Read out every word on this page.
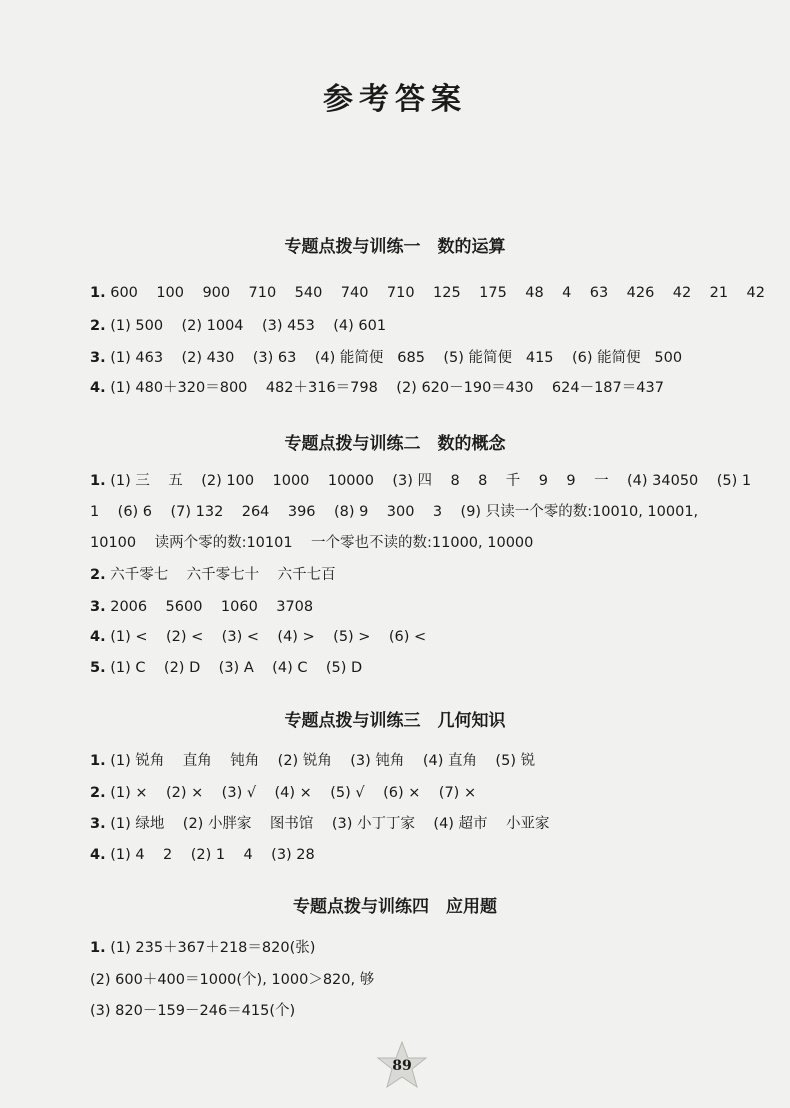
参考答案
专题点拨与训练一　数的运算
1. 600    100    900    710    540    740    710    125    175    48    4    63    426    42    21    42
2. (1) 500    (2) 1004    (3) 453    (4) 601
3. (1) 463    (2) 430    (3) 63    (4) 能简便   685    (5) 能简便   415    (6) 能简便   500
4. (1) 480＋320＝800    482＋316＝798    (2) 620－190＝430    624－187＝437
专题点拨与训练二　数的概念
1. (1) 三    五    (2) 100    1000    10000    (3) 四    8    8    千    9    9    一    (4) 34050    (5) 1
1    (6) 6    (7) 132    264    396    (8) 9    300    3    (9) 只读一个零的数:10010, 10001,
10100    读两个零的数:10101    一个零也不读的数:11000, 10000
2. 六千零七    六千零七十    六千七百
3. 2006    5600    1060    3708
4. (1) <    (2) <    (3) <    (4) >    (5) >    (6) <
5. (1) C    (2) D    (3) A    (4) C    (5) D
专题点拨与训练三　几何知识
1. (1) 锐角    直角    钝角    (2) 锐角    (3) 钝角    (4) 直角    (5) 锐
2. (1) ×    (2) ×    (3) √    (4) ×    (5) √    (6) ×    (7) ×
3. (1) 绿地    (2) 小胖家    图书馆    (3) 小丁丁家    (4) 超市    小亚家
4. (1) 4    2    (2) 1    4    (3) 28
专题点拨与训练四　应用题
1. (1) 235＋367＋218＝820(张)
(2) 600＋400＝1000(个), 1000＞820, 够
(3) 820－159－246＝415(个)
89
